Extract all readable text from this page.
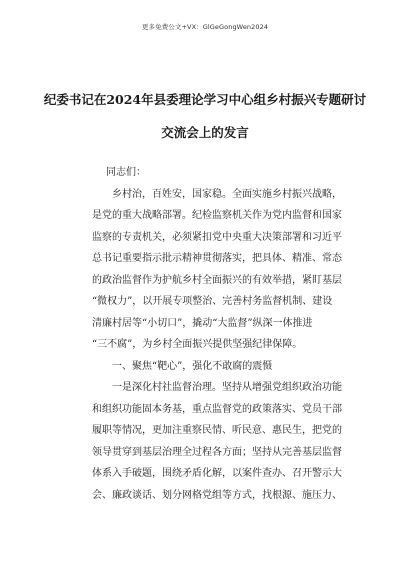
更多免费公文+VX：GlGeGongWen2024
纪委书记在2024年县委理论学习中心组乡村振兴专题研讨
交流会上的发言

同志们：

乡村治，百姓安，国家稳。全面实施乡村振兴战略，
是党的重大战略部署。纪检监察机关作为党内监督和国家
监察的专责机关，必须紧扣党中央重大决策部署和习近平
总书记重要指示批示精神贯彻落实，把具体、精准、常态
的政治监督作为护航乡村全面振兴的有效举措，紧盯基层
“微权力”，以开展专项整治、完善村务监督机制、建设
清廉村居等“小切口”，撬动“大监督”纵深一体推进
“三不腐”，为乡村全面振兴提供坚强纪律保障。

一、聚焦“靶心”，强化不敢腐的震慑

一是深化村社监督治理。坚持从增强党组织政治功能
和组织功能固本务基，重点监督党的政策落实、党员干部
履职等情况，更加注重察民情、听民意、惠民生，把党的
领导贯穿到基层治理全过程各方面；坚持从完善基层监督
体系入手破题，围绕矛盾化解，以案件查办、召开警示大
会、廉政谈话、划分网格党组等方式，找根源、施压力、
